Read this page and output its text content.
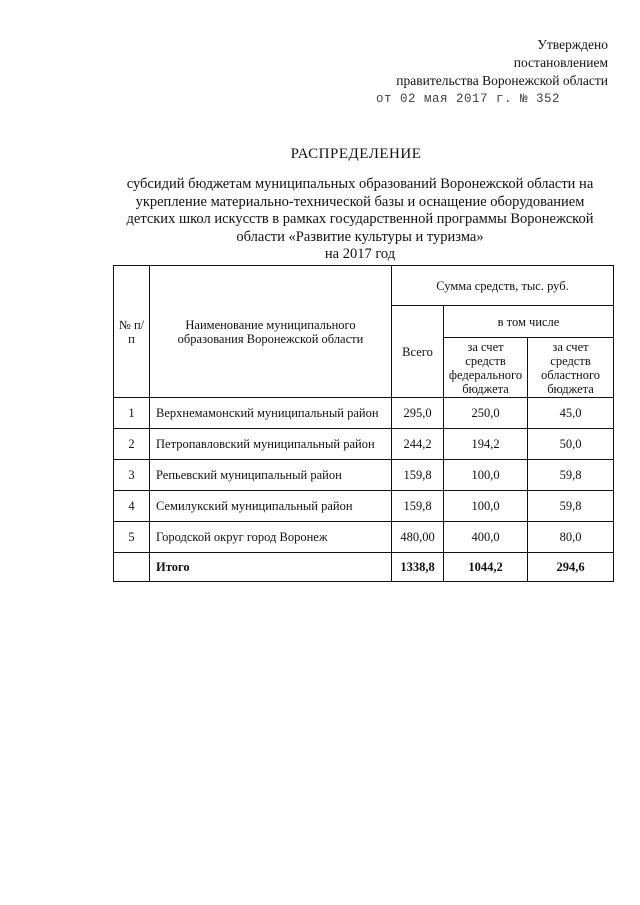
Утверждено
постановлением
правительства Воронежской области
от 02 мая 2017 г. № 352
РАСПРЕДЕЛЕНИЕ
субсидий бюджетам муниципальных образований Воронежской области на укрепление материально-технической базы и оснащение оборудованием детских школ искусств в рамках государственной программы Воронежской области «Развитие культуры и туризма»
на 2017 год
№ п/п	Наименование муниципального образования Воронежской области	Сумма средств, тыс. руб.		
		Всего	в том числе	
			за счет средств федерального бюджета	за счет средств областного бюджета
1	Верхнемамонский муниципальный район	295,0	250,0	45,0
2	Петропавловский муниципальный район	244,2	194,2	50,0
3	Репьевский муниципальный район	159,8	100,0	59,8
4	Семилукский муниципальный район	159,8	100,0	59,8
5	Городской округ город Воронеж	480,00	400,0	80,0
	Итого	1338,8	1044,2	294,6
